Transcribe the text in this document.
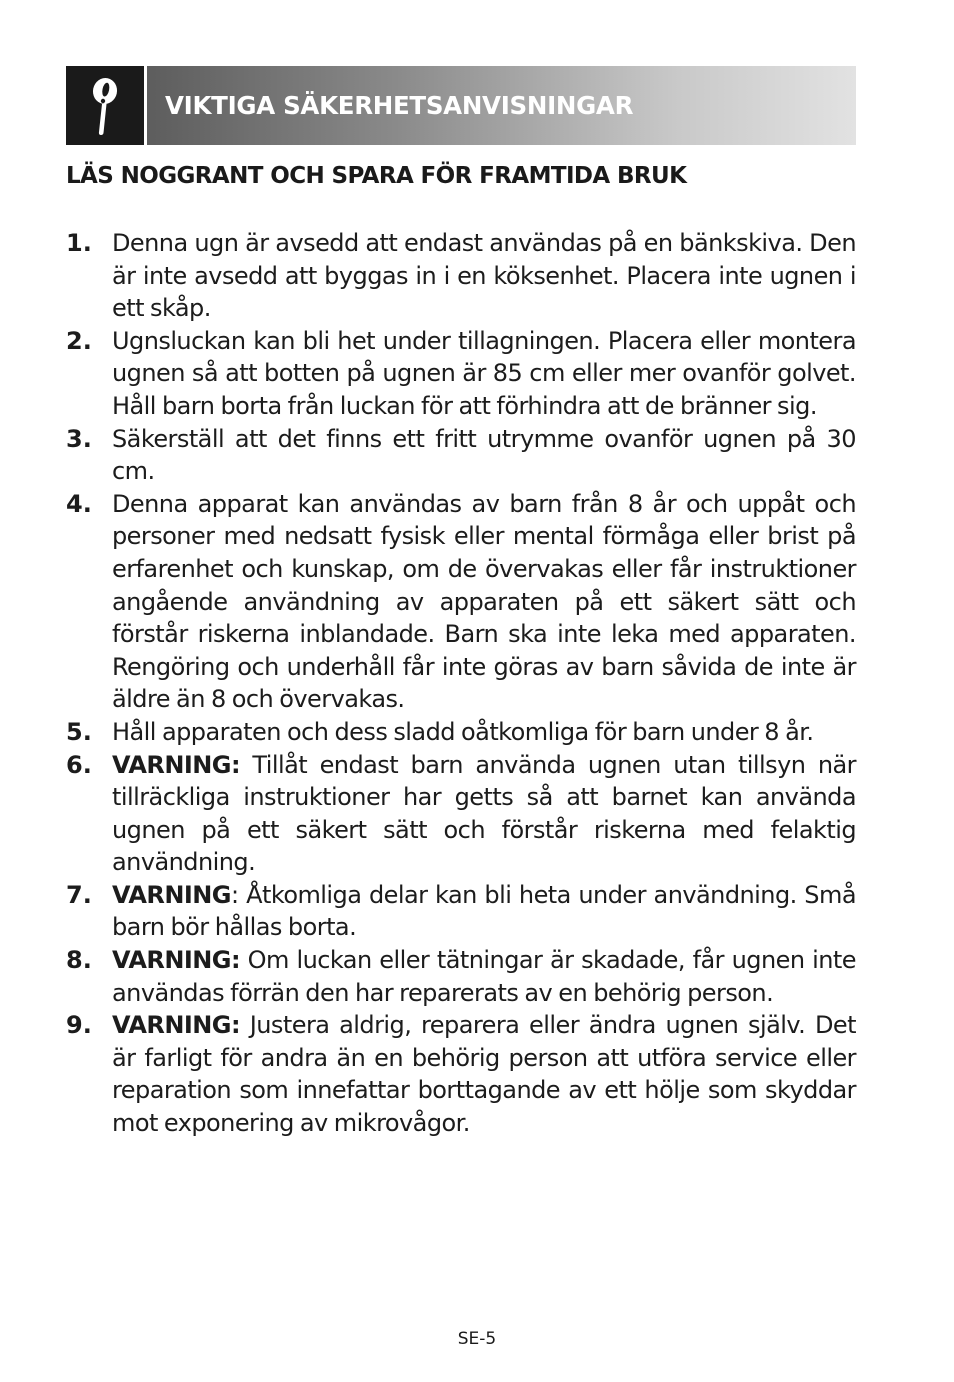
VIKTIGA SÄKERHETSANVISNINGAR
LÄS NOGGRANT OCH SPARA FÖR FRAMTIDA BRUK
1. Denna ugn är avsedd att endast användas på en bänkskiva. Den är inte avsedd att byggas in i en köksenhet. Placera inte ugnen i ett skåp.
2. Ugnsluckan kan bli het under tillagningen. Placera eller montera ugnen så att botten på ugnen är 85 cm eller mer ovanför golvet. Håll barn borta från luckan för att förhindra att de bränner sig.
3. Säkerställ att det finns ett fritt utrymme ovanför ugnen på 30 cm.
4. Denna apparat kan användas av barn från 8 år och uppåt och personer med nedsatt fysisk eller mental förmåga eller brist på erfarenhet och kunskap, om de övervakas eller får instruktioner angående användning av apparaten på ett säkert sätt och förstår riskerna inblandade. Barn ska inte leka med apparaten. Rengöring och underhåll får inte göras av barn såvida de inte är äldre än 8 och övervakas.
5. Håll apparaten och dess sladd oåtkomliga för barn under 8 år.
6. VARNING: Tillåt endast barn använda ugnen utan tillsyn när tillräckliga instruktioner har getts så att barnet kan använda ugnen på ett säkert sätt och förstår riskerna med felaktig användning.
7. VARNING: Åtkomliga delar kan bli heta under användning. Små barn bör hållas borta.
8. VARNING: Om luckan eller tätningar är skadade, får ugnen inte användas förrän den har reparerats av en behörig person.
9. VARNING: Justera aldrig, reparera eller ändra ugnen själv. Det är farligt för andra än en behörig person att utföra service eller reparation som innefattar borttagande av ett hölje som skyddar mot exponering av mikrovågor.
SE-5
